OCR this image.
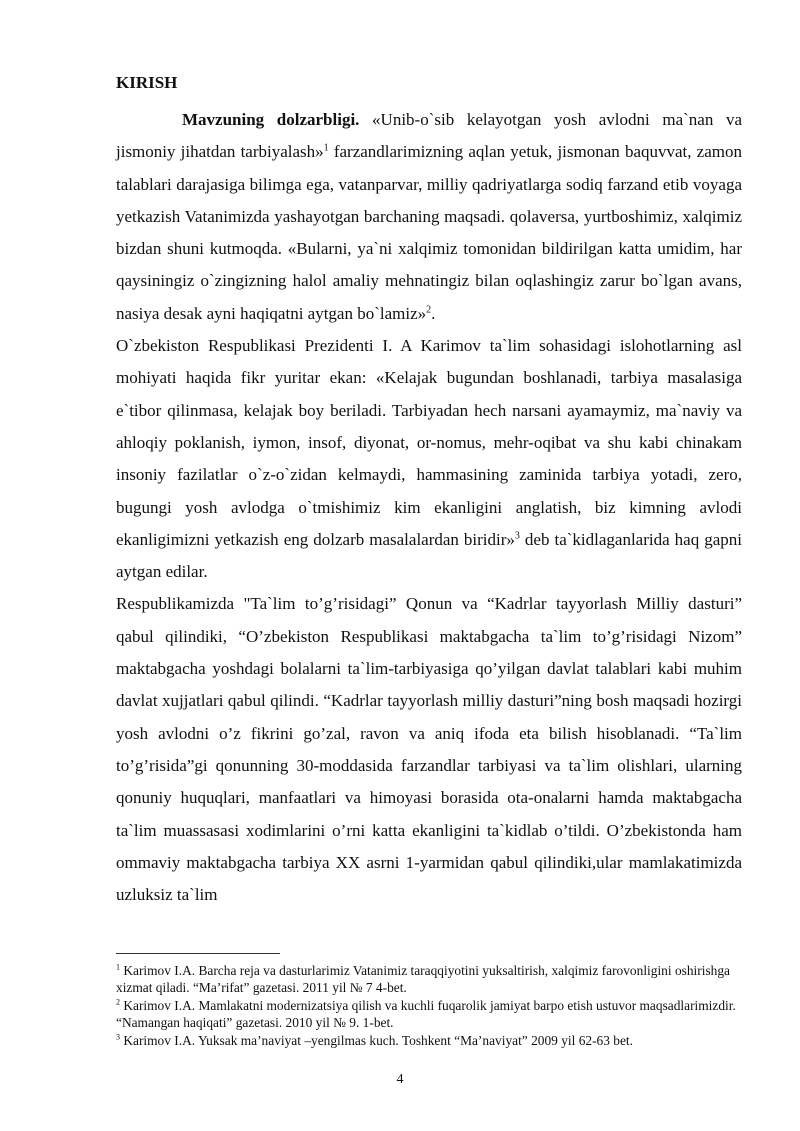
KIRISH

Mavzuning dolzarbligi. «Unib-o`sib kelayotgan yosh avlodni ma`nan va jismoniy jihatdan tarbiyalash»$^1$ farzandlarimizning aqlan yetuk, jismonan baquvvat, zamon talablari darajasiga bilimga ega, vatanparvar, milliy qadriyatlarga sodiq farzand etib voyaga yetkazish Vatanimizda yashayotgan barchaning maqsadi. qolaversa, yurtboshimiz, xalqimiz bizdan shuni kutmoqda. «Bularni, ya`ni xalqimiz tomonidan bildirilgan katta umidim, har qaysiningiz o`zingizning halol amaliy mehnatingiz bilan oqlashingiz zarur bo`lgan avans, nasiya desak ayni haqiqatni aytgan bo`lamiz»$^2$.

O`zbekiston Respublikasi Prezidenti I. A Karimov ta`lim sohasidagi islohotlarning asl mohiyati haqida fikr yuritar ekan: «Kelajak bugundan boshlanadi, tarbiya masalasiga e`tibor qilinmasa, kelajak boy beriladi. Tarbiyadan hech narsani ayamaymiz, ma`naviy va ahloqiy poklanish, iymon, insof, diyonat, or-nomus, mehr-oqibat va shu kabi chinakam insoniy fazilatlar o`z-o`zidan kelmaydi, hammasining zaminida tarbiya yotadi, zero, bugungi yosh avlodga o`tmishimiz kim ekanligini anglatish, biz kimning avlodi ekanligimizni yetkazish eng dolzarb masalalardan biridir»$^3$ deb ta`kidlaganlarida haq gapni aytgan edilar.

Respublikamizda "Ta`lim to’g’risidagi” Qonun va “Kadrlar tayyorlash Milliy dasturi” qabul qilindiki, “O’zbekiston Respublikasi maktabgacha ta`lim to’g’risidagi Nizom” maktabgacha yoshdagi bolalarni ta`lim-tarbiyasiga qo’yilgan davlat talablari kabi muhim davlat xujjatlari qabul qilindi. “Kadrlar tayyorlash milliy dasturi”ning bosh maqsadi hozirgi yosh avlodni o’z fikrini go’zal, ravon va aniq ifoda eta bilish hisoblanadi. “Ta`lim to’g’risida”gi qonunning 30-moddasida farzandlar tarbiyasi va ta`lim olishlari, ularning qonuniy huquqlari, manfaatlari va himoyasi borasida ota-onalarni hamda maktabgacha ta`lim muassasasi xodimlarini o’rni katta ekanligini ta`kidlab o’tildi. O’zbekistonda ham ommaviy maktabgacha tarbiya XX asrni 1-yarmidan qabul qilindiki,ular mamlakatimizda uzluksiz ta`lim

$^1$ Karimov I.A. Barcha reja va dasturlarimiz Vatanimiz taraqqiyotini yuksaltirish, xalqimiz farovonligini oshirishga xizmat qiladi. “Ma’rifat” gazetasi. 2011 yil № 7 4-bet.
$^2$ Karimov I.A. Mamlakatni modernizatsiya qilish va kuchli fuqarolik jamiyat barpo etish ustuvor maqsadlarimizdir. “Namangan haqiqati” gazetasi. 2010 yil № 9. 1-bet.
$^3$ Karimov I.A. Yuksak ma’naviyat –yengilmas kuch. Toshkent “Ma’naviyat” 2009 yil 62-63 bet.
4
